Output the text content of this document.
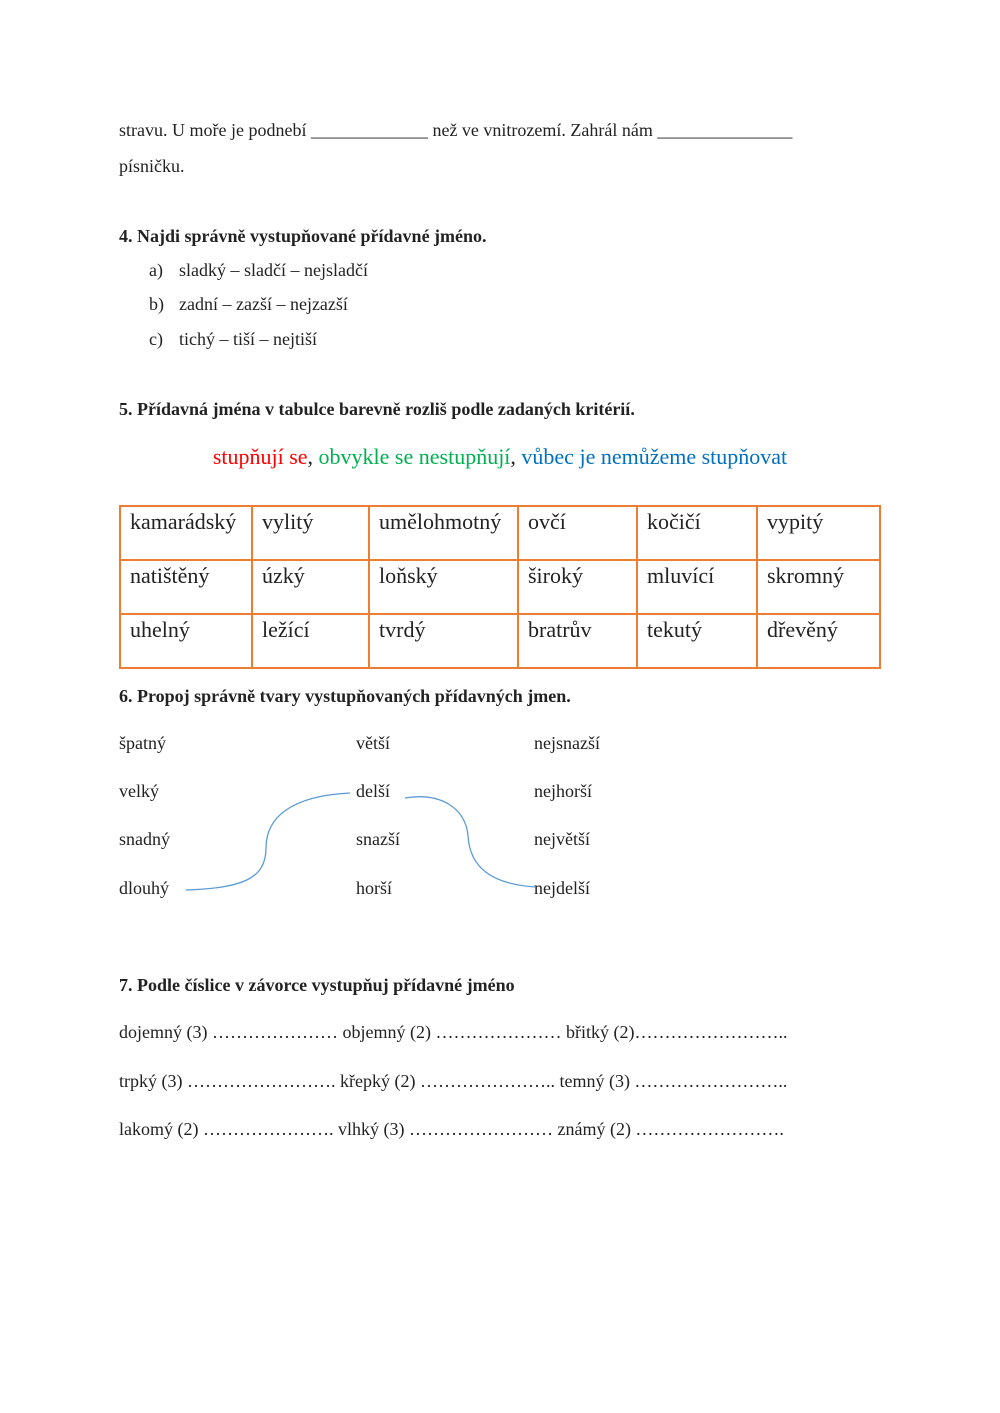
stravu. U moře je podnebí _____________ než ve vnitrozemí. Zahrál nám _______________
písničku.
4. Najdi správně vystupňované přídavné jméno.
a) sladký – sladčí – nejsladčí
b) zadní – zazší – nejzazší
c) tichý – tiší – nejtiší
5. Přídavná jména v tabulce barevně rozliš podle zadaných kritérií.
stupňují se, obvykle se nestupňují, vůbec je nemůžeme stupňovat
kamarádský	vylitý	umělohmotný	ovčí	kočičí	vypitý
natištěný	úzký	loňský	široký	mluvící	skromný
uhelný	ležící	tvrdý	bratrův	tekutý	dřevěný
6. Propoj správně tvary vystupňovaných přídavných jmen.
špatný
velký
snadný
dlouhý
větší
delší
snazší
horší
nejsnazší
nejhorší
největší
nejdelší
7. Podle číslice v závorce vystupňuj přídavné jméno
dojemný (3) ………………… objemný (2) ………………… břitký (2)……………………..
trpký (3) ……………………. křepký (2) ………………….. temný (3) ……………………..
lakomý (2) …………………. vlhký (3) …………………… známý (2) …………………….
